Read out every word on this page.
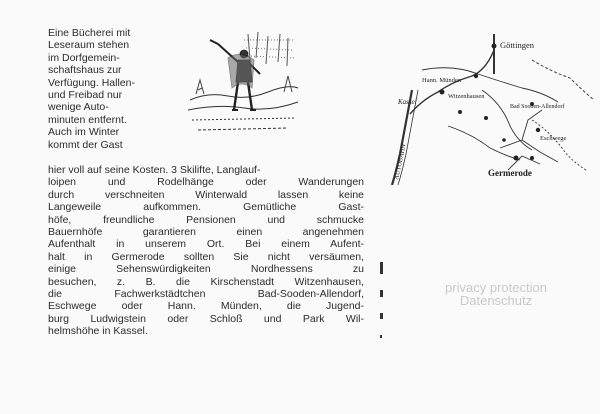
Eine Bücherei mit
Leseraum stehen
im Dorfgemein-
schaftshaus zur
Verfügung. Hallen-
und Freibad nur
wenige Auto-
minuten entfernt.
Auch im Winter
kommt der Gast
hier voll auf seine Kosten. 3 Skilifte, Langlauf-
loipen und Rodelhänge oder Wanderungen
durch verschneiten Winterwald lassen keine
Langeweile aufkommen. Gemütliche Gast-
höfe, freundliche Pensionen und schmucke
Bauernhöfe garantieren einen angenehmen
Aufenthalt in unserem Ort. Bei einem Aufent-
halt in Germerode sollten Sie nicht versäumen,
einige Sehenswürdigkeiten Nordhessens zu
besuchen, z. B. die Kirschenstadt Witzenhausen,
die Fachwerkstädtchen Bad-Sooden-Allendorf,
Eschwege oder Hann. Münden, die Jugend-
burg Ludwigstein oder Schloß und Park Wil-
helmshöhe in Kassel.
Göttingen
Hann. Münden
Kassel
Witzenhausen
Bad Sooden-Allendorf
Eschwege
Germerode
AUTOBAHN
privacy protection
Datenschutz
